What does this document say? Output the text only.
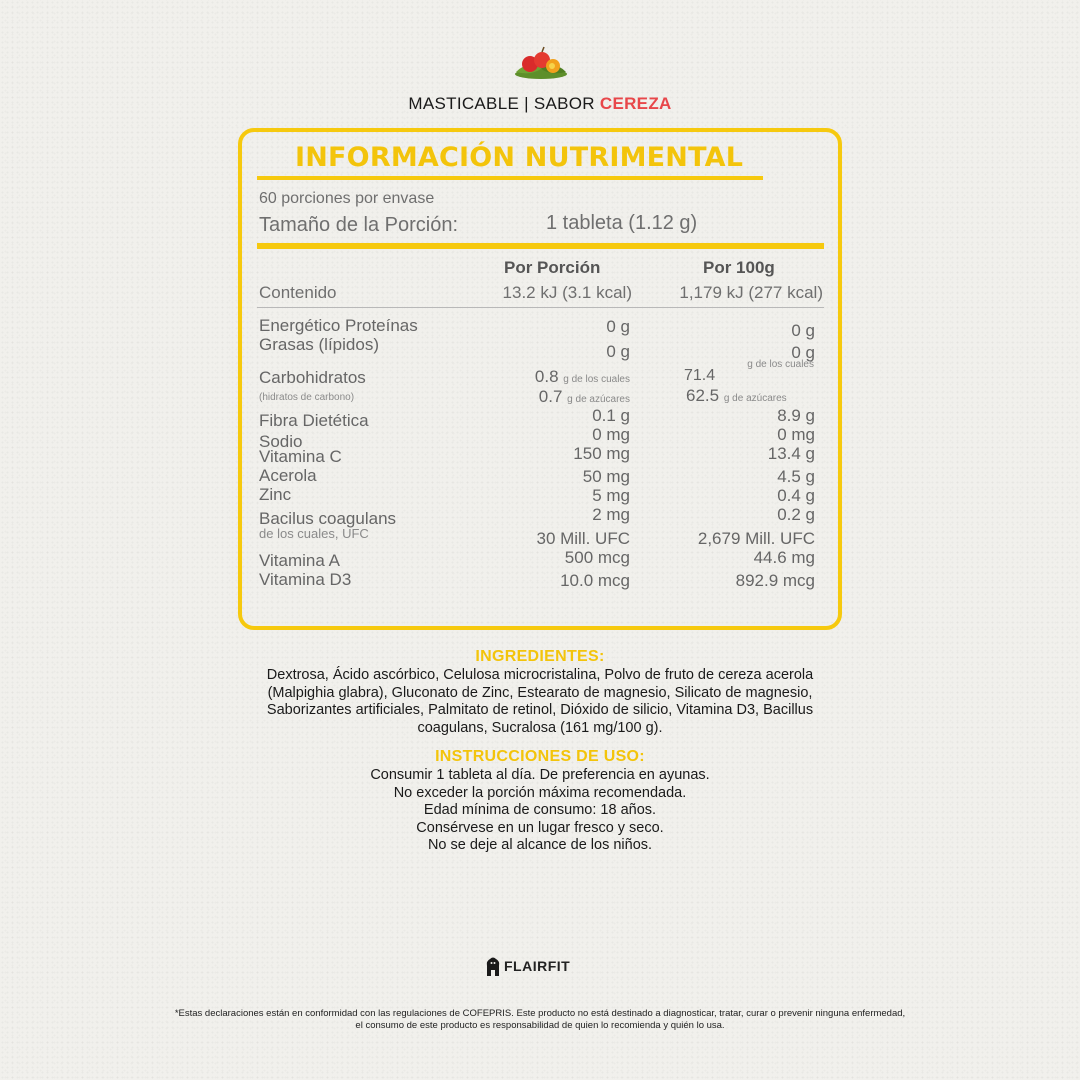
MASTICABLE | SABOR CEREZA
INFORMACIÓN NUTRIMENTAL
60 porciones por envase
Tamaño de la Porción:	1 tableta (1.12 g)
Por Porción	Por 100g
Contenido	13.2 kJ (3.1 kcal)	1,179 kJ (277 kcal)
Energético Proteínas	0 g	0 g
Grasas (lípidos)	0 g	0 g
g de los cuales
Carbohidratos	0.8 g de los cuales	71.4
(hidratos de carbono)	0.7 g de azúcares	62.5 g de azúcares
Fibra Dietética	0.1 g	8.9 g
Sodio	0 mg	0 mg
Vitamina C	150 mg	13.4 g
Acerola	50 mg	4.5 g
Zinc	5 mg	0.4 g
Bacilus coagulans	2 mg	0.2 g
de los cuales, UFC	30 Mill. UFC	2,679 Mill. UFC
Vitamina A	500 mcg	44.6 mg
Vitamina D3	10.0 mcg	892.9 mcg
INGREDIENTES:
Dextrosa, Ácido ascórbico, Celulosa microcristalina, Polvo de fruto de cereza acerola (Malpighia glabra), Gluconato de Zinc, Estearato de magnesio, Silicato de magnesio, Saborizantes artificiales, Palmitato de retinol, Dióxido de silicio, Vitamina D3, Bacillus coagulans, Sucralosa (161 mg/100 g).
INSTRUCCIONES DE USO:
Consumir 1 tableta al día. De preferencia en ayunas.
No exceder la porción máxima recomendada.
Edad mínima de consumo: 18 años.
Consérvese en un lugar fresco y seco.
No se deje al alcance de los niños.
FLAIRFIT
*Estas declaraciones están en conformidad con las regulaciones de COFEPRIS. Este producto no está destinado a diagnosticar, tratar, curar o prevenir ninguna enfermedad,
el consumo de este producto es responsabilidad de quien lo recomienda y quién lo usa.
